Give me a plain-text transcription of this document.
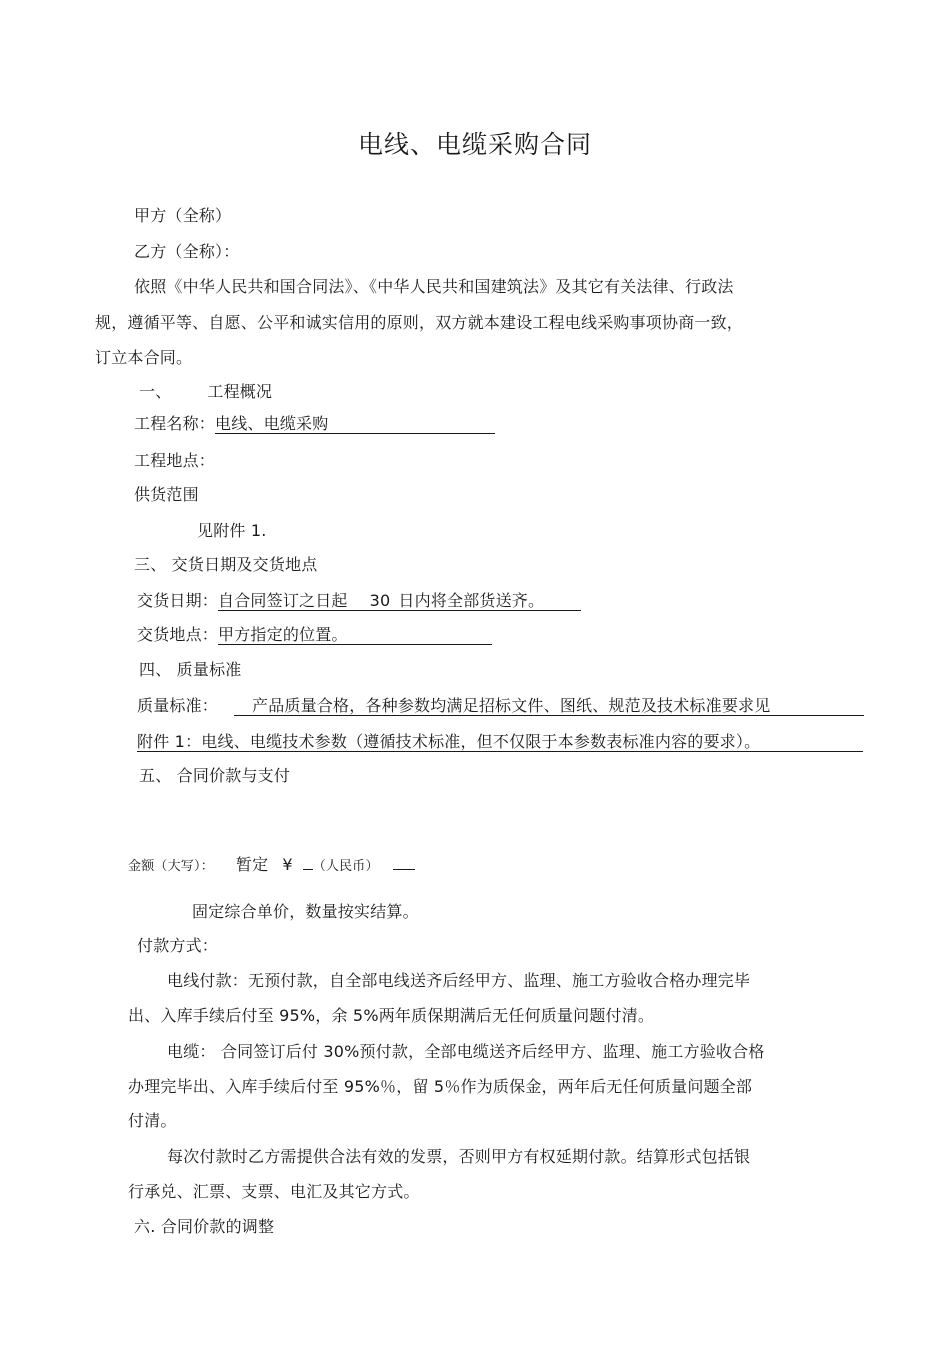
电线、电缆采购合同
甲方（全称）
乙方（全称）：
依照《中华人民共和国合同法》、《中华人民共和国建筑法》及其它有关法律、行政法
规，遵循平等、自愿、公平和诚实信用的原则，双方就本建设工程电线采购事项协商一致，
订立本合同。
一、 工程概况
工程名称：电线、电缆采购
工程地点：
供货范围
见附件 1.
三、 交货日期及交货地点
交货日期：自合同签订之日起 30 日内将全部货送齐。
交货地点：甲方指定的位置。
四、 质量标准
质量标准： 产品质量合格，各种参数均满足招标文件、图纸、规范及技术标准要求见
附件 1：电线、电缆技术参数（遵循技术标准，但不仅限于本参数表标准内容的要求）。
五、 合同价款与支付
金额（大写）： 暂定 ¥ （人民币）
固定综合单价，数量按实结算。
付款方式：
电线付款：无预付款，自全部电线送齐后经甲方、监理、施工方验收合格办理完毕
出、入库手续后付至 95%，余 5%两年质保期满后无任何质量问题付清。
电缆： 合同签订后付 30%预付款，全部电缆送齐后经甲方、监理、施工方验收合格
办理完毕出、入库手续后付至 95%％，留 5％作为质保金，两年后无任何质量问题全部
付清。
每次付款时乙方需提供合法有效的发票，否则甲方有权延期付款。结算形式包括银
行承兑、汇票、支票、电汇及其它方式。
六. 合同价款的调整
